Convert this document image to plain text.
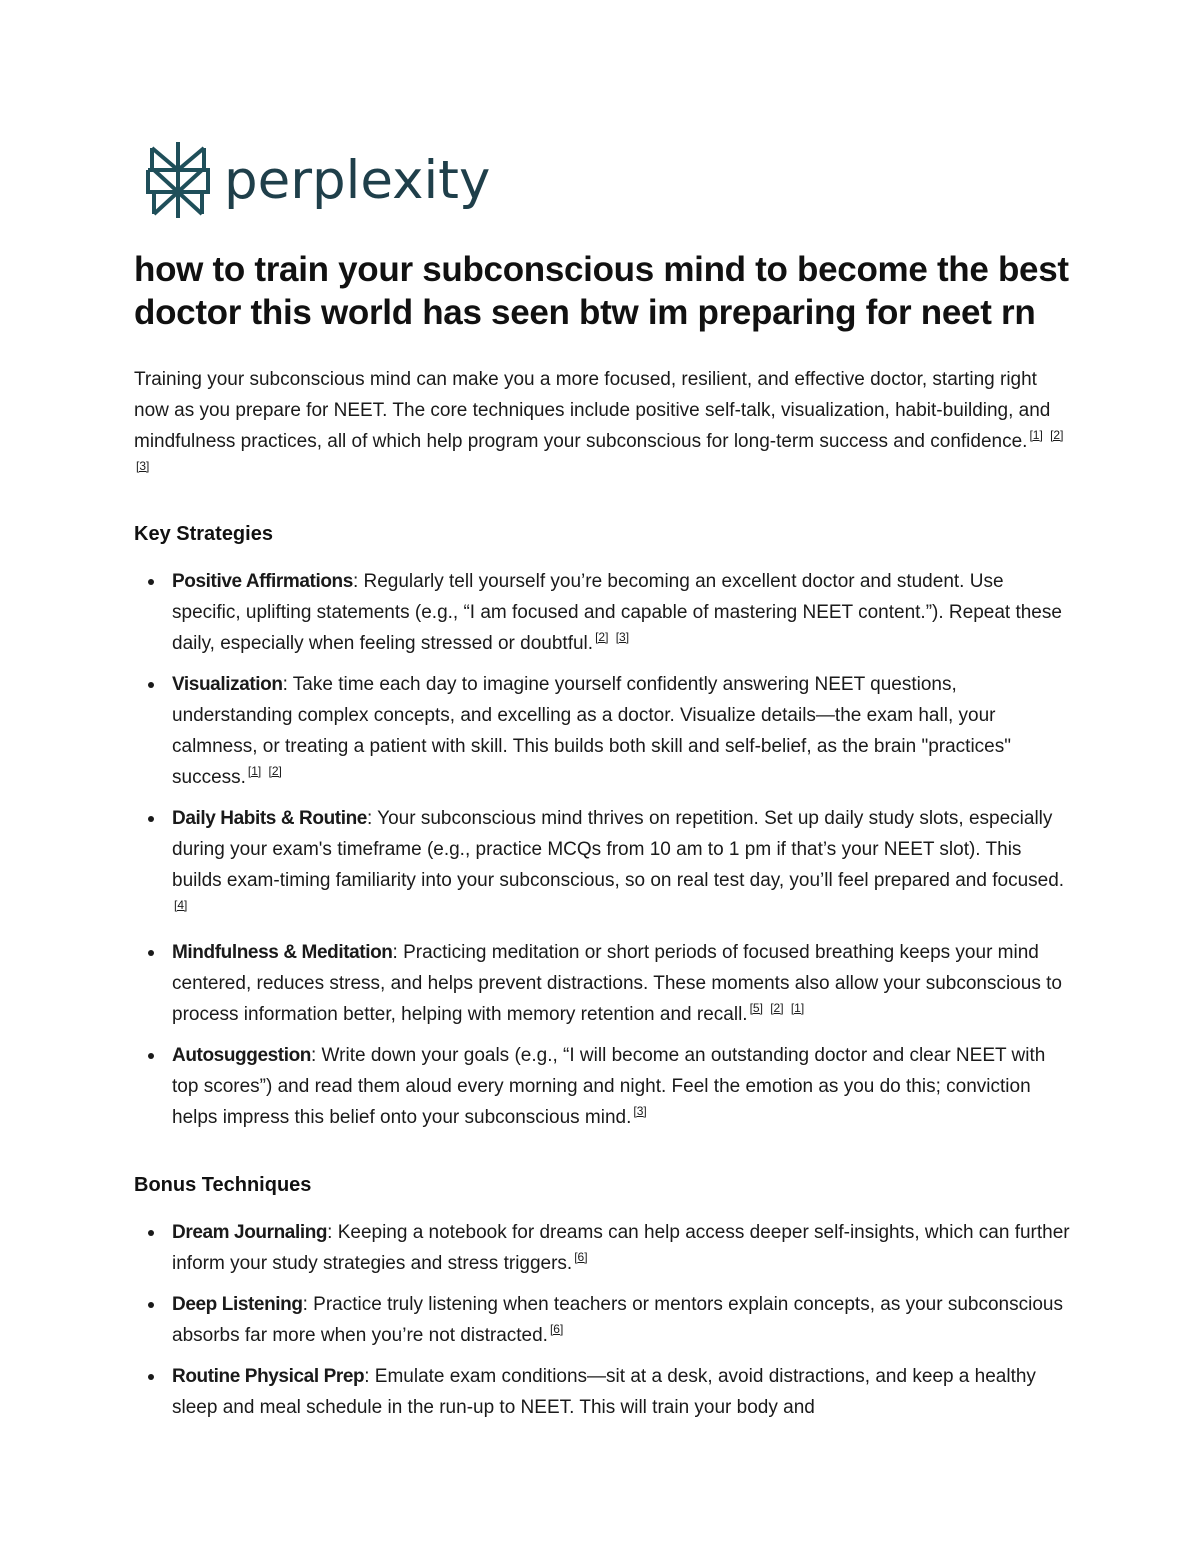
perplexity
how to train your subconscious mind to become the best doctor this world has seen btw im preparing for neet rn

Training your subconscious mind can make you a more focused, resilient, and effective doctor, starting right now as you prepare for NEET. The core techniques include positive self-talk, visualization, habit-building, and mindfulness practices, all of which help program your subconscious for long-term success and confidence. [1] [2] [3]

Key Strategies
Positive Affirmations: Regularly tell yourself you’re becoming an excellent doctor and student. Use specific, uplifting statements (e.g., “I am focused and capable of mastering NEET content.”). Repeat these daily, especially when feeling stressed or doubtful. [2] [3]
Visualization: Take time each day to imagine yourself confidently answering NEET questions, understanding complex concepts, and excelling as a doctor. Visualize details—the exam hall, your calmness, or treating a patient with skill. This builds both skill and self-belief, as the brain "practices" success. [1] [2]
Daily Habits & Routine: Your subconscious mind thrives on repetition. Set up daily study slots, especially during your exam's timeframe (e.g., practice MCQs from 10 am to 1 pm if that’s your NEET slot). This builds exam-timing familiarity into your subconscious, so on real test day, you’ll feel prepared and focused.[4]
Mindfulness & Meditation: Practicing meditation or short periods of focused breathing keeps your mind centered, reduces stress, and helps prevent distractions. These moments also allow your subconscious to process information better, helping with memory retention and recall. [5] [2] [1]
Autosuggestion: Write down your goals (e.g., “I will become an outstanding doctor and clear NEET with top scores”) and read them aloud every morning and night. Feel the emotion as you do this; conviction helps impress this belief onto your subconscious mind. [3]
Bonus Techniques
Dream Journaling: Keeping a notebook for dreams can help access deeper self-insights, which can further inform your study strategies and stress triggers. [6]
Deep Listening: Practice truly listening when teachers or mentors explain concepts, as your subconscious absorbs far more when you’re not distracted. [6]
Routine Physical Prep: Emulate exam conditions—sit at a desk, avoid distractions, and keep a healthy sleep and meal schedule in the run-up to NEET. This will train your body and
